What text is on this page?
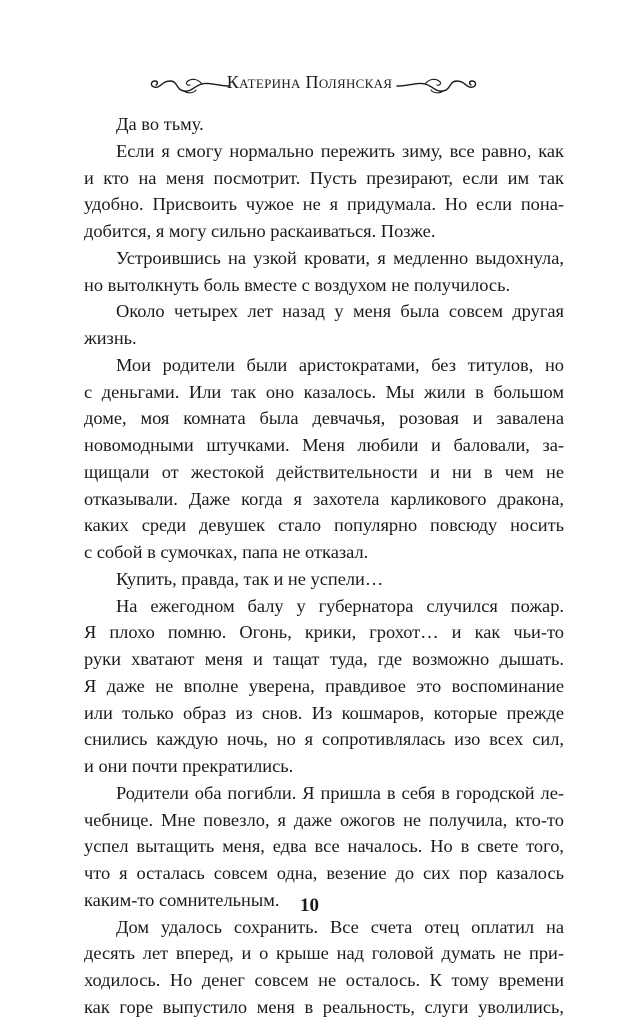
Катерина Полянская
Да во тьму.
Если я смогу нормально пережить зиму, все равно, как
и кто на меня посмотрит. Пусть презирают, если им так
удобно. Присвоить чужое не я придумала. Но если пона-
добится, я могу сильно раскаиваться. Позже.
Устроившись на узкой кровати, я медленно выдохнула,
но вытолкнуть боль вместе с воздухом не получилось.
Около четырех лет назад у меня была совсем другая
жизнь.
Мои родители были аристократами, без титулов, но
с деньгами. Или так оно казалось. Мы жили в большом
доме, моя комната была девчачья, розовая и завалена
новомодными штучками. Меня любили и баловали, за-
щищали от жестокой действительности и ни в чем не
отказывали. Даже когда я захотела карликового дракона,
каких среди девушек стало популярно повсюду носить
с собой в сумочках, папа не отказал.
Купить, правда, так и не успели…
На ежегодном балу у губернатора случился пожар.
Я плохо помню. Огонь, крики, грохот… и как чьи-то
руки хватают меня и тащат туда, где возможно дышать.
Я даже не вполне уверена, правдивое это воспоминание
или только образ из снов. Из кошмаров, которые прежде
снились каждую ночь, но я сопротивлялась изо всех сил,
и они почти прекратились.
Родители оба погибли. Я пришла в себя в городской ле-
чебнице. Мне повезло, я даже ожогов не получила, кто-то
успел вытащить меня, едва все началось. Но в свете того,
что я осталась совсем одна, везение до сих пор казалось
каким-то сомнительным.
Дом удалось сохранить. Все счета отец оплатил на
десять лет вперед, и о крыше над головой думать не при-
ходилось. Но денег совсем не осталось. К тому времени
как горе выпустило меня в реальность, слуги уволились,
10
